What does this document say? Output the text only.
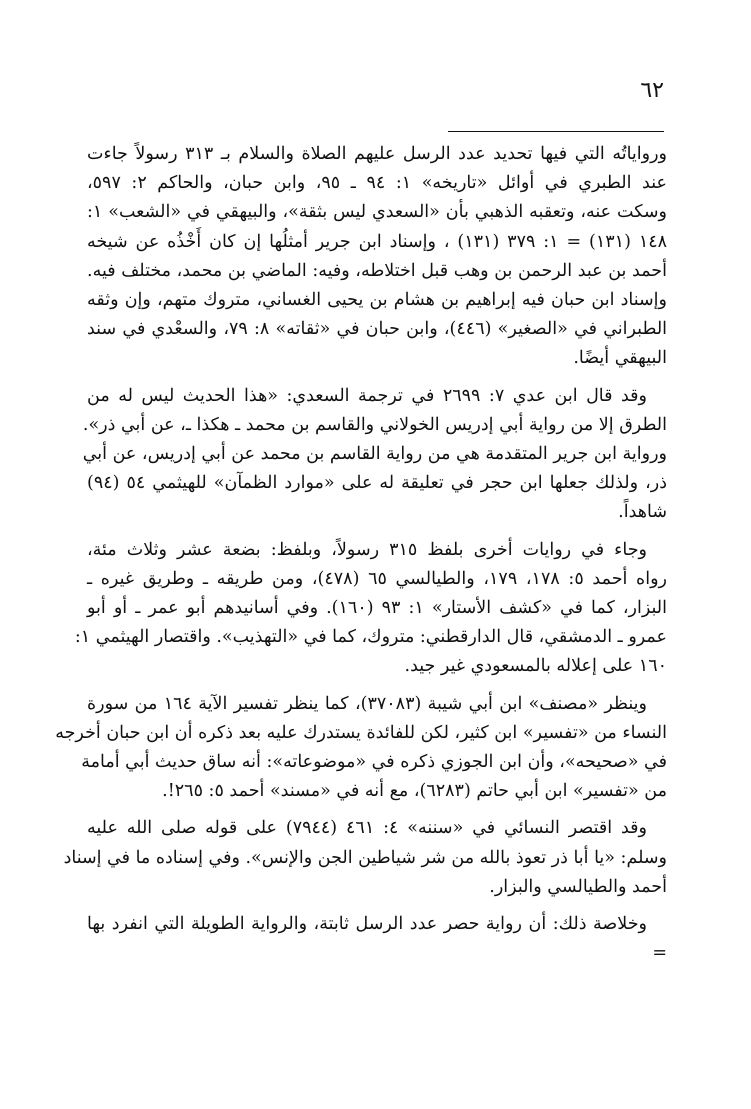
٦٢
ورواياتُه التي فيها تحديد عدد الرسل عليهم الصلاة والسلام بـ ٣١٣ رسولاً جاءت
عند الطبري في أوائل «تاريخه» ١: ٩٤ ـ ٩٥، وابن حبان، والحاكم ٢: ٥٩٧،
وسكت عنه، وتعقبه الذهبي بأن «السعدي ليس بثقة»، والبيهقي في «الشعب» ١:
١٤٨ (١٣١) = ١: ٣٧٩ (١٣١) ، وإسناد ابن جرير أمثلُها إن كان أَخْذُه عن شيخه
أحمد بن عبد الرحمن بن وهب قبل اختلاطه، وفيه: الماضي بن محمد، مختلف فيه.
وإسناد ابن حبان فيه إبراهيم بن هشام بن يحيى الغساني، متروك متهم، وإن وثقه
الطبراني في «الصغير» (٤٤٦)، وابن حبان في «ثقاته» ٨: ٧٩، والسعْدي في سند
البيهقي أيضًا.
وقد قال ابن عدي ٧: ٢٦٩٩ في ترجمة السعدي: «هذا الحديث ليس له من
الطرق إلا من رواية أبي إدريس الخولاني والقاسم بن محمد ـ هكذا ـ، عن أبي ذر».
ورواية ابن جرير المتقدمة هي من رواية القاسم بن محمد عن أبي إدريس، عن أبي
ذر، ولذلك جعلها ابن حجر في تعليقة له على «موارد الظمآن» للهيثمي ٥٤ (٩٤)
شاهداً.
وجاء في روايات أخرى بلفظ ٣١٥ رسولاً، وبلفظ: بضعة عشر وثلاث مئة،
رواه أحمد ٥: ١٧٨، ١٧٩، والطيالسي ٦٥ (٤٧٨)، ومن طريقه ـ وطريق غيره ـ
البزار، كما في «كشف الأستار» ١: ٩٣ (١٦٠). وفي أسانيدهم أبو عمر ـ أو أبو
عمرو ـ الدمشقي، قال الدارقطني: متروك، كما في «التهذيب». واقتصار الهيثمي ١:
١٦٠ على إعلاله بالمسعودي غير جيد.
وينظر «مصنف» ابن أبي شيبة (٣٧٠٨٣)، كما ينظر تفسير الآية ١٦٤ من سورة
النساء من «تفسير» ابن كثير، لكن للفائدة يستدرك عليه بعد ذكره أن ابن حبان أخرجه
في «صحيحه»، وأن ابن الجوزي ذكره في «موضوعاته»: أنه ساق حديث أبي أمامة
من «تفسير» ابن أبي حاتم (٦٢٨٣)، مع أنه في «مسند» أحمد ٥: ٢٦٥!.
وقد اقتصر النسائي في «سننه» ٤: ٤٦١ (٧٩٤٤) على قوله صلى الله عليه
وسلم: «يا أبا ذر تعوذ بالله من شر شياطين الجن والإنس». وفي إسناده ما في إسناد
أحمد والطيالسي والبزار.
وخلاصة ذلك: أن رواية حصر عدد الرسل ثابتة، والرواية الطويلة التي انفرد بها
=
